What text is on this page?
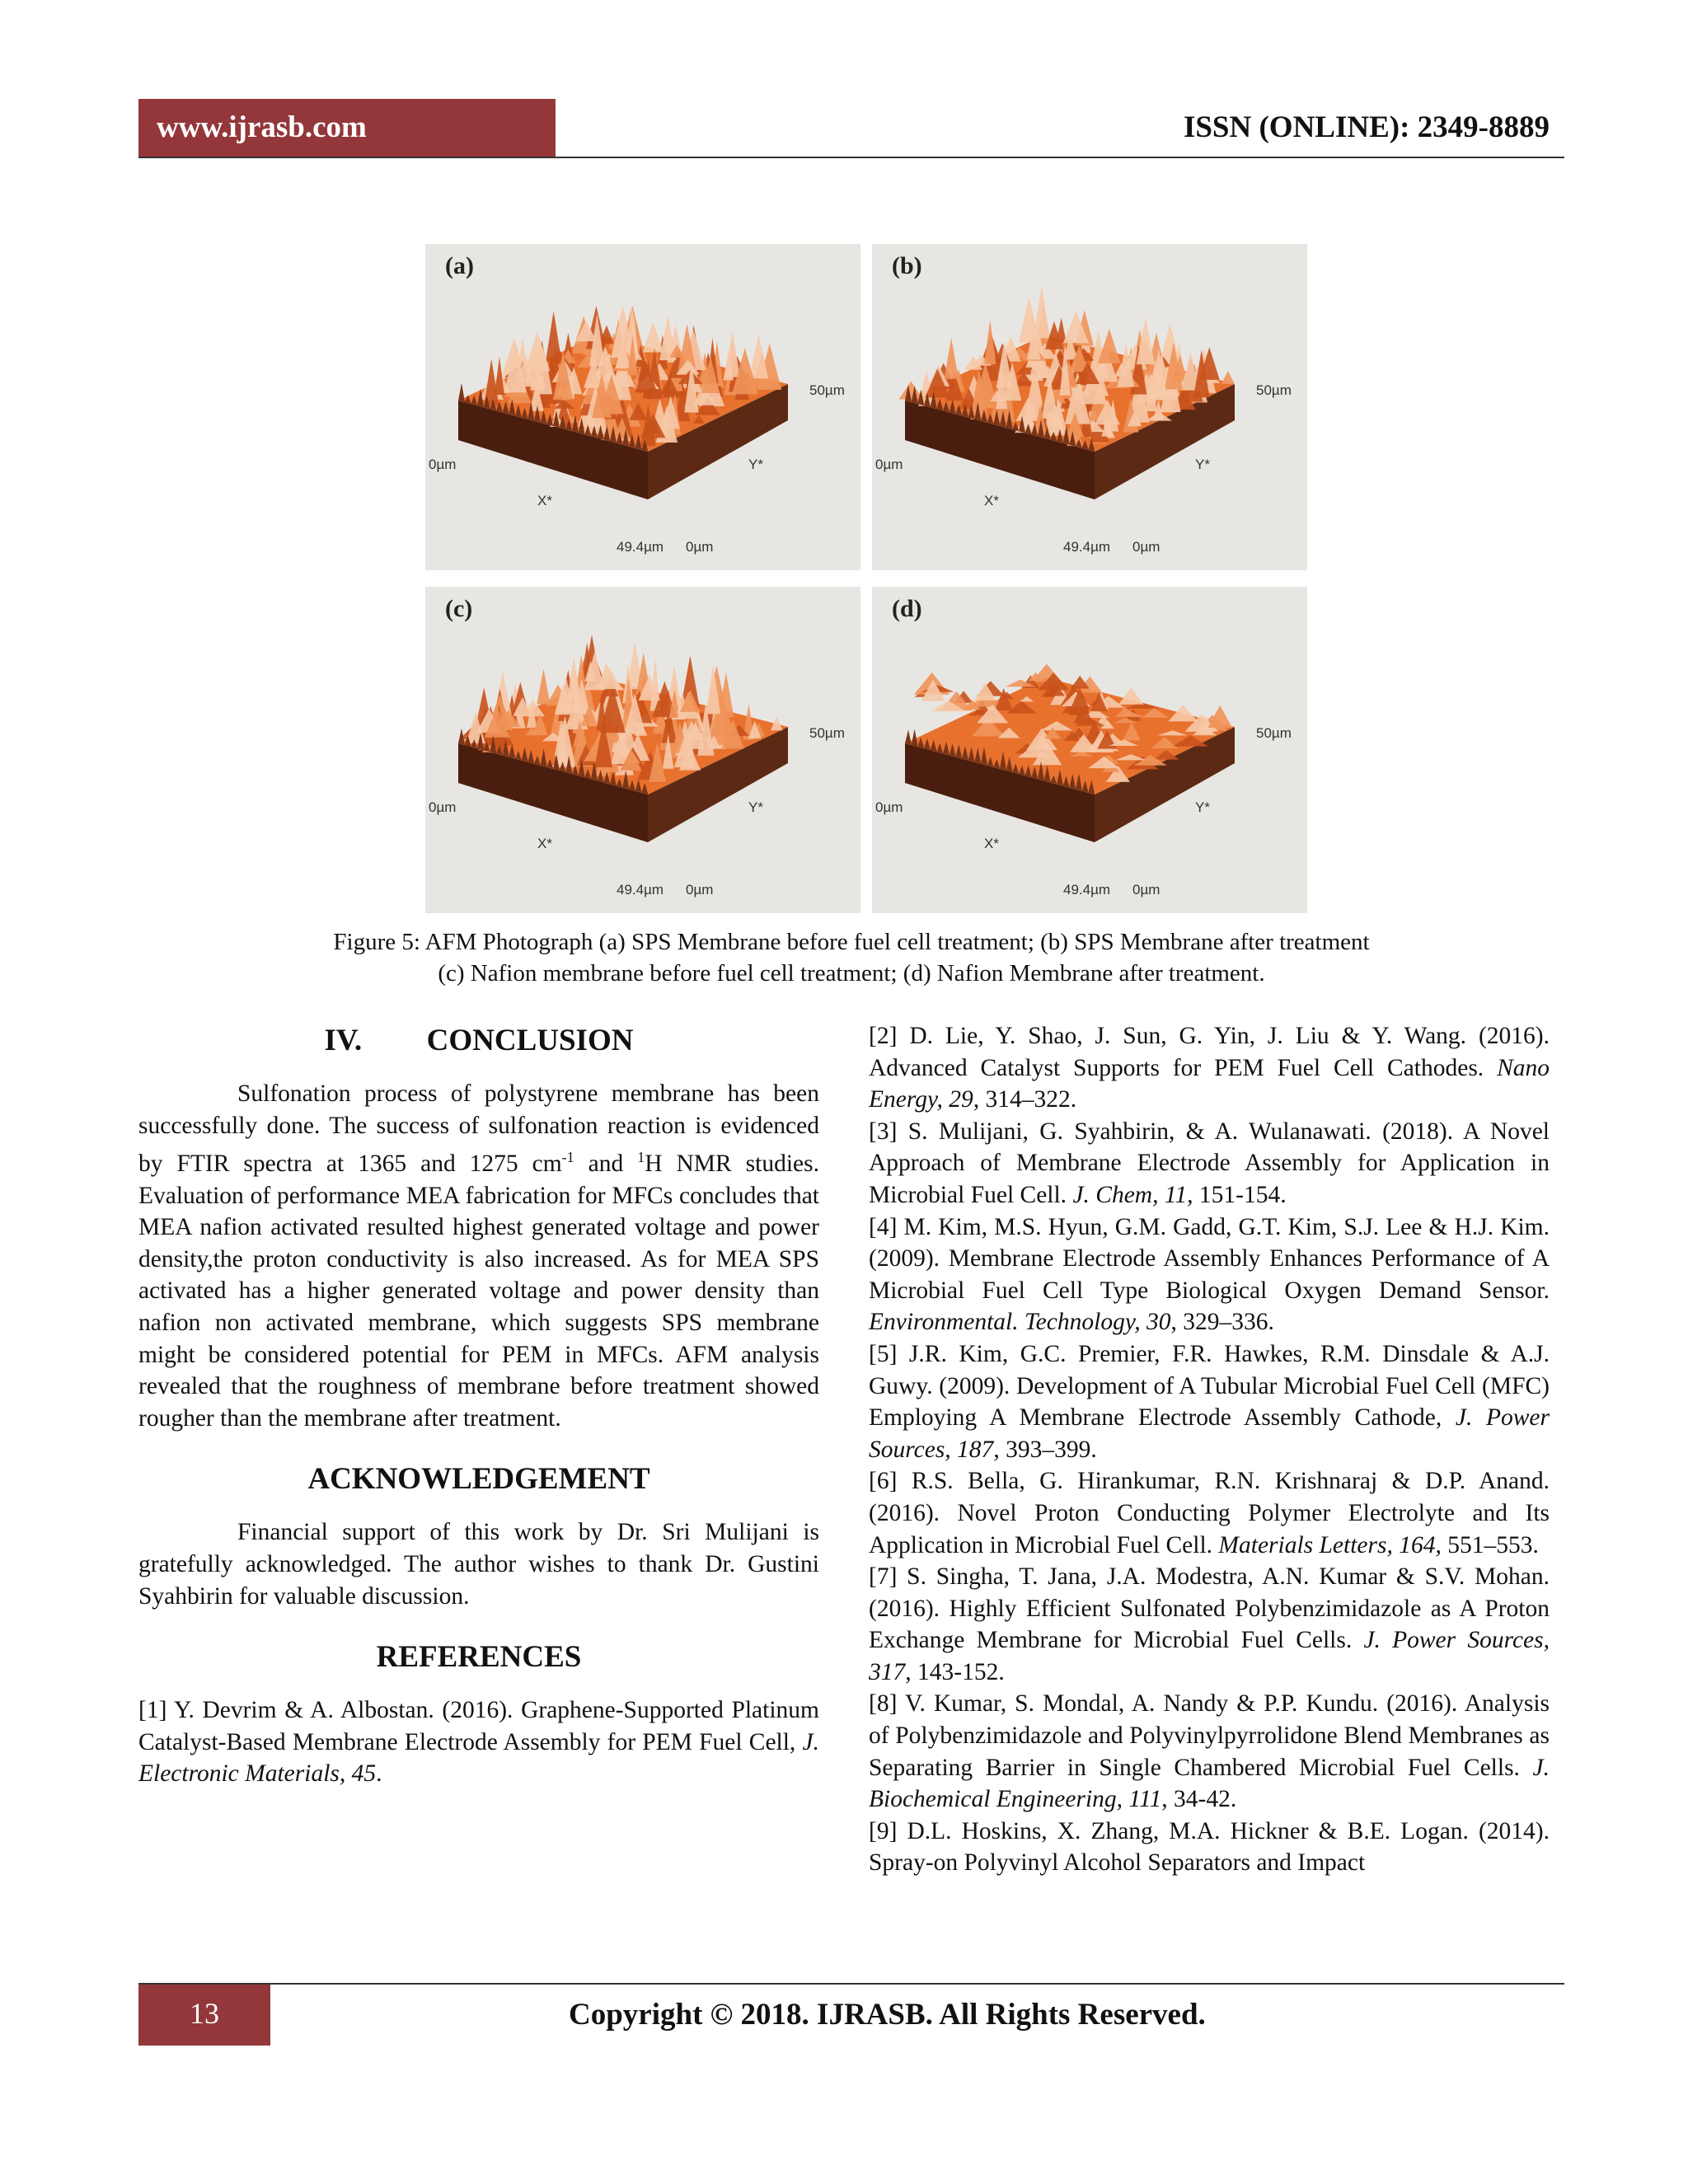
www.ijrasb.com	ISSN (ONLINE): 2349-8889
(a)
50µm
0µm
X*
Y*
49.4µm 0µm
(b)
50µm
0µm
X*
Y*
49.4µm 0µm
(c)
50µm
0µm
X*
Y*
49.4µm 0µm
(d)
50µm
0µm
X*
Y*
49.4µm 0µm
Figure 5: AFM Photograph (a) SPS Membrane before fuel cell treatment; (b) SPS Membrane after treatment
(c) Nafion membrane before fuel cell treatment; (d) Nafion Membrane after treatment.
IV. CONCLUSION

Sulfonation process of polystyrene membrane has been successfully done. The success of sulfonation reaction is evidenced by FTIR spectra at 1365 and 1275 $cm^{-1}$ and $^1$H NMR studies. Evaluation of performance MEA fabrication for MFCs concludes that MEA nafion activated resulted highest generated voltage and power density,the proton conductivity is also increased. As for MEA SPS activated has a higher generated voltage and power density than nafion non activated membrane, which suggests SPS membrane might be considered potential for PEM in MFCs. AFM analysis revealed that the roughness of membrane before treatment showed rougher than the membrane after treatment.

ACKNOWLEDGEMENT

Financial support of this work by Dr. Sri Mulijani is gratefully acknowledged. The author wishes to thank Dr. Gustini Syahbirin for valuable discussion.

REFERENCES

[1] Y. Devrim & A. Albostan. (2016). Graphene-Supported Platinum Catalyst-Based Membrane Electrode Assembly for PEM Fuel Cell, J. Electronic Materials, 45.

[2] D. Lie, Y. Shao, J. Sun, G. Yin, J. Liu & Y. Wang. (2016). Advanced Catalyst Supports for PEM Fuel Cell Cathodes. Nano Energy, 29, 314–322.

[3] S. Mulijani, G. Syahbirin, & A. Wulanawati. (2018). A Novel Approach of Membrane Electrode Assembly for Application in Microbial Fuel Cell. J. Chem, 11, 151-154.

[4] M. Kim, M.S. Hyun, G.M. Gadd, G.T. Kim, S.J. Lee & H.J. Kim. (2009). Membrane Electrode Assembly Enhances Performance of A Microbial Fuel Cell Type Biological Oxygen Demand Sensor. Environmental. Technology, 30, 329–336.

[5] J.R. Kim, G.C. Premier, F.R. Hawkes, R.M. Dinsdale & A.J. Guwy. (2009). Development of A Tubular Microbial Fuel Cell (MFC) Employing A Membrane Electrode Assembly Cathode, J. Power Sources, 187, 393–399.

[6] R.S. Bella, G. Hirankumar, R.N. Krishnaraj & D.P. Anand. (2016). Novel Proton Conducting Polymer Electrolyte and Its Application in Microbial Fuel Cell. Materials Letters, 164, 551–553.

[7] S. Singha, T. Jana, J.A. Modestra, A.N. Kumar & S.V. Mohan. (2016). Highly Efficient Sulfonated Polybenzimidazole as A Proton Exchange Membrane for Microbial Fuel Cells. J. Power Sources, 317, 143-152.

[8] V. Kumar, S. Mondal, A. Nandy & P.P. Kundu. (2016). Analysis of Polybenzimidazole and Polyvinylpyrrolidone Blend Membranes as Separating Barrier in Single Chambered Microbial Fuel Cells. J. Biochemical Engineering, 111, 34-42.

[9] D.L. Hoskins, X. Zhang, M.A. Hickner & B.E. Logan. (2014). Spray-on Polyvinyl Alcohol Separators and Impact

13	Copyright © 2018. IJRASB. All Rights Reserved.
